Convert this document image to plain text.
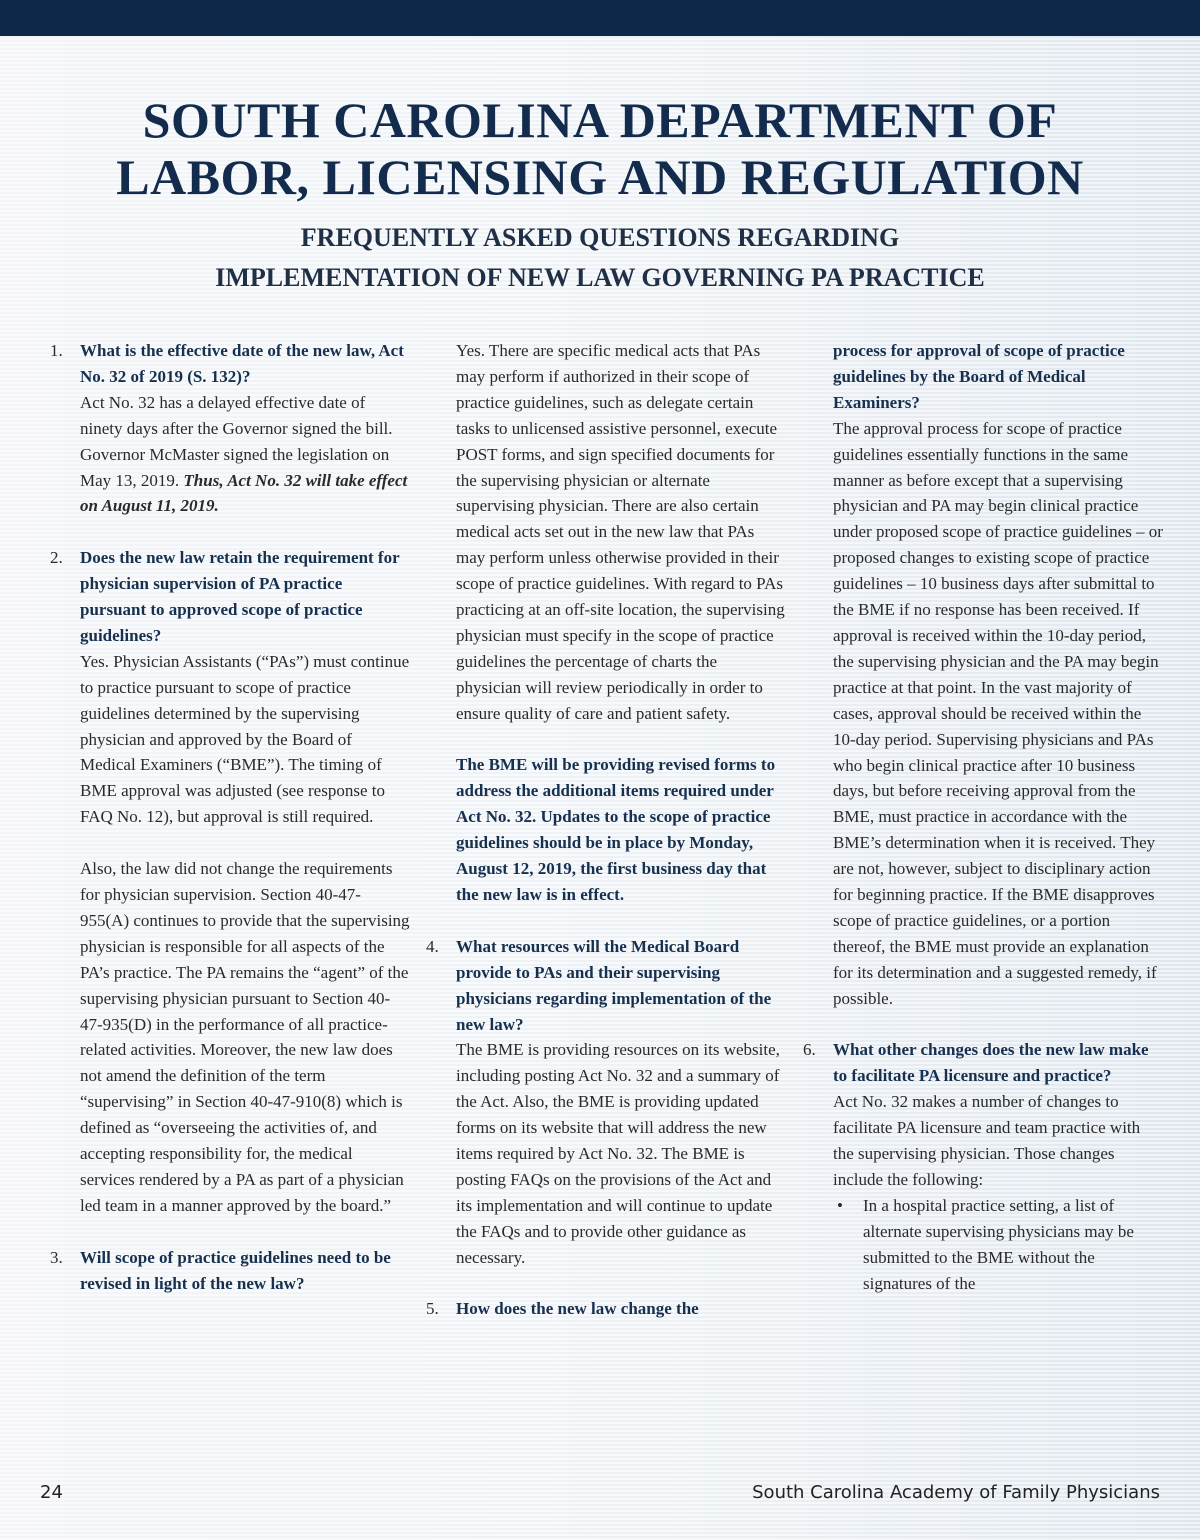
SOUTH CAROLINA DEPARTMENT OF
LABOR, LICENSING AND REGULATION
FREQUENTLY ASKED QUESTIONS REGARDING
IMPLEMENTATION OF NEW LAW GOVERNING PA PRACTICE
1.	What is the effective date of the new law, Act No. 32 of 2019 (S. 132)?
Act No. 32 has a delayed effective date of ninety days after the Governor signed the bill. Governor McMaster signed the legislation on May 13, 2019. Thus, Act No. 32 will take effect on August 11, 2019.
2.	Does the new law retain the requirement for physician supervision of PA practice pursuant to approved scope of practice guidelines?
Yes. Physician Assistants (“PAs”) must continue to practice pursuant to scope of practice guidelines determined by the supervising physician and approved by the Board of Medical Examiners (“BME”). The timing of BME approval was adjusted (see response to FAQ No. 12), but approval is still required.
Also, the law did not change the requirements for physician supervision. Section 40-47-955(A) continues to provide that the supervising physician is responsible for all aspects of the PA’s practice. The PA remains the “agent” of the supervising physician pursuant to Section 40-47-935(D) in the performance of all practice-related activities. Moreover, the new law does not amend the definition of the term “supervising” in Section 40-47-910(8) which is defined as “overseeing the activities of, and accepting responsibility for, the medical services rendered by a PA as part of a physician led team in a manner approved by the board.”
3.	Will scope of practice guidelines need to be revised in light of the new law?
Yes. There are specific medical acts that PAs may perform if authorized in their scope of practice guidelines, such as delegate certain tasks to unlicensed assistive personnel, execute POST forms, and sign specified documents for the supervising physician or alternate supervising physician. There are also certain medical acts set out in the new law that PAs may perform unless otherwise provided in their scope of practice guidelines. With regard to PAs practicing at an off-site location, the supervising physician must specify in the scope of practice guidelines the percentage of charts the physician will review periodically in order to ensure quality of care and patient safety.
The BME will be providing revised forms to address the additional items required under Act No. 32. Updates to the scope of practice guidelines should be in place by Monday, August 12, 2019, the first business day that the new law is in effect.
4.	What resources will the Medical Board provide to PAs and their supervising physicians regarding implementation of the new law?
The BME is providing resources on its website, including posting Act No. 32 and a summary of the Act. Also, the BME is providing updated forms on its website that will address the new items required by Act No. 32. The BME is posting FAQs on the provisions of the Act and its implementation and will continue to update the FAQs and to provide other guidance as necessary.
5.	How does the new law change the
process for approval of scope of practice guidelines by the Board of Medical Examiners?
The approval process for scope of practice guidelines essentially functions in the same manner as before except that a supervising physician and PA may begin clinical practice under proposed scope of practice guidelines – or proposed changes to existing scope of practice guidelines – 10 business days after submittal to the BME if no response has been received. If approval is received within the 10-day period, the supervising physician and the PA may begin practice at that point. In the vast majority of cases, approval should be received within the 10-day period. Supervising physicians and PAs who begin clinical practice after 10 business days, but before receiving approval from the BME, must practice in accordance with the BME’s determination when it is received. They are not, however, subject to disciplinary action for beginning practice. If the BME disapproves scope of practice guidelines, or a portion thereof, the BME must provide an explanation for its determination and a suggested remedy, if possible.
6.	What other changes does the new law make to facilitate PA licensure and practice?
Act No. 32 makes a number of changes to facilitate PA licensure and team practice with the supervising physician. Those changes include the following:
• In a hospital practice setting, a list of alternate supervising physicians may be submitted to the BME without the signatures of the
24	South Carolina Academy of Family Physicians
